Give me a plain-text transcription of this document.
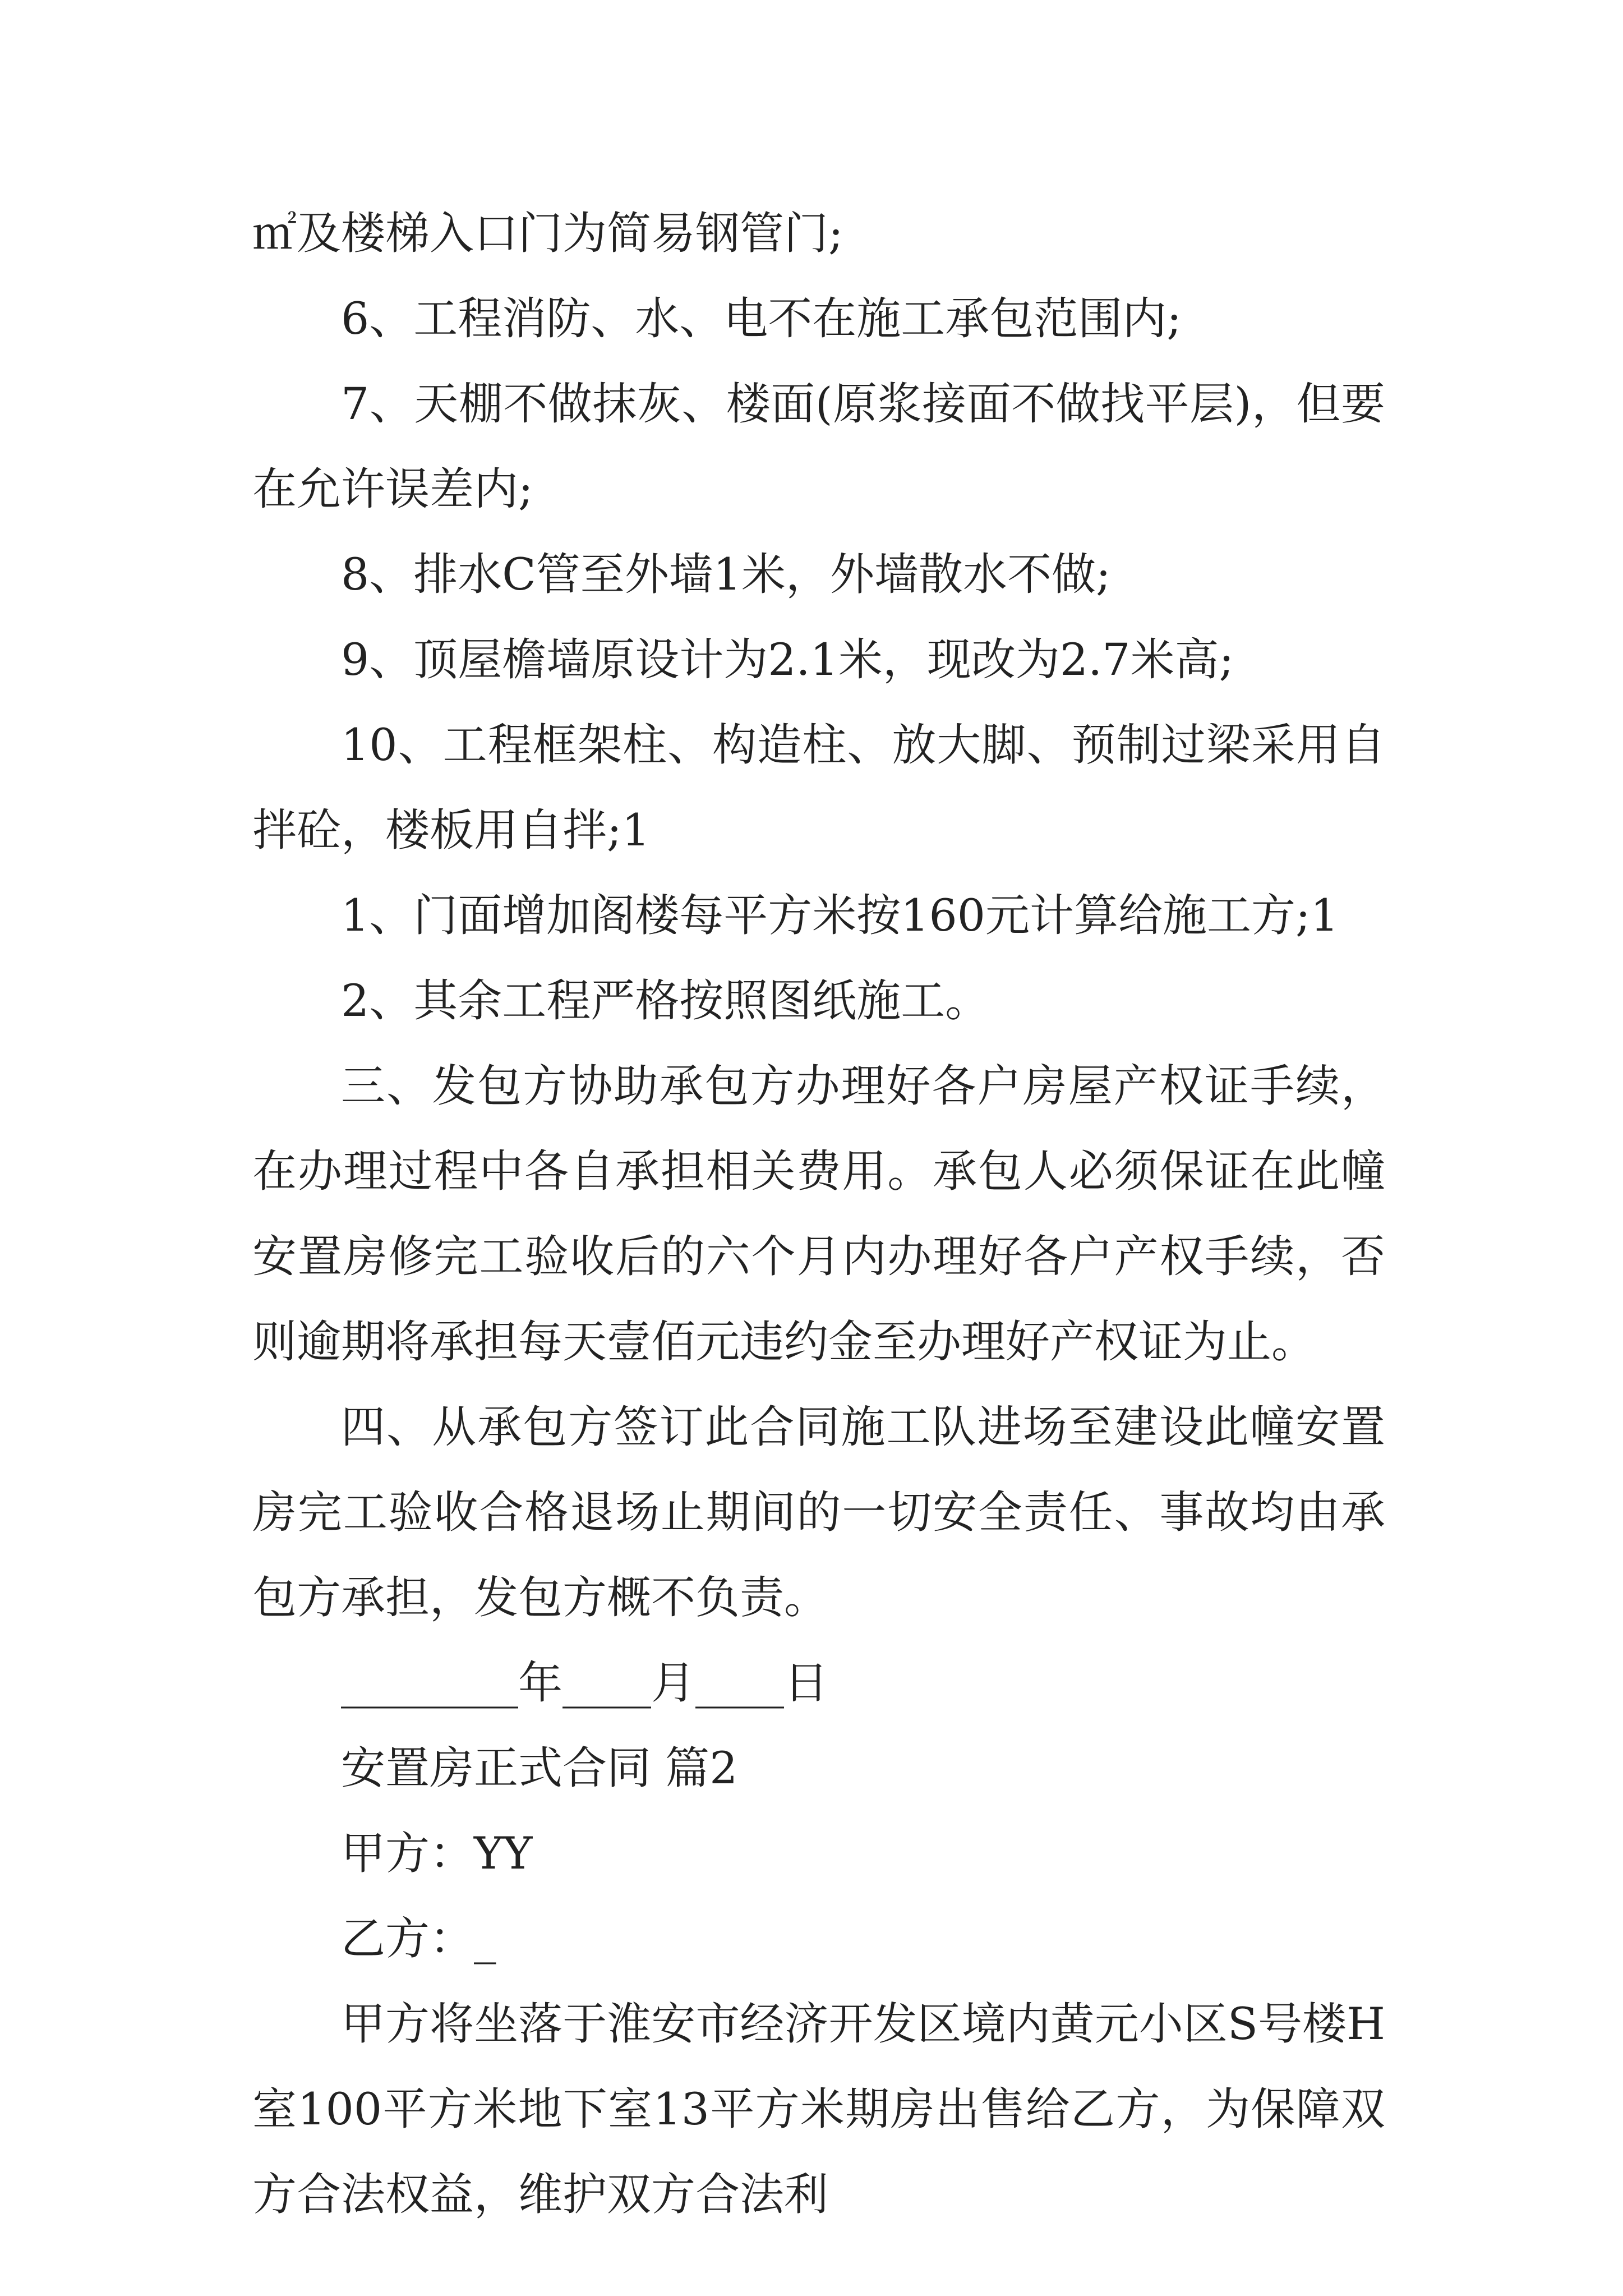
㎡及楼梯入口门为简易钢管门;

6、工程消防、水、电不在施工承包范围内;

7、天棚不做抹灰、楼面(原浆接面不做找平层)，但要在允许误差内;

8、排水C管至外墙1米，外墙散水不做;

9、顶屋檐墙原设计为2.1米，现改为2.7米高;

10、工程框架柱、构造柱、放大脚、预制过梁采用自拌砼，楼板用自拌;1

1、门面增加阁楼每平方米按160元计算给施工方;1

2、其余工程严格按照图纸施工。

三、发包方协助承包方办理好各户房屋产权证手续，在办理过程中各自承担相关费用。承包人必须保证在此幢安置房修完工验收后的六个月内办理好各户产权手续，否则逾期将承担每天壹佰元违约金至办理好产权证为止。

四、从承包方签订此合同施工队进场至建设此幢安置房完工验收合格退场止期间的一切安全责任、事故均由承包方承担，发包方概不负责。

________年____月____日

安置房正式合同 篇2

甲方：YY

乙方：_

甲方将坐落于淮安市经济开发区境内黄元小区S号楼H室100平方米地下室13平方米期房出售给乙方，为保障双方合法权益，维护双方合法利
